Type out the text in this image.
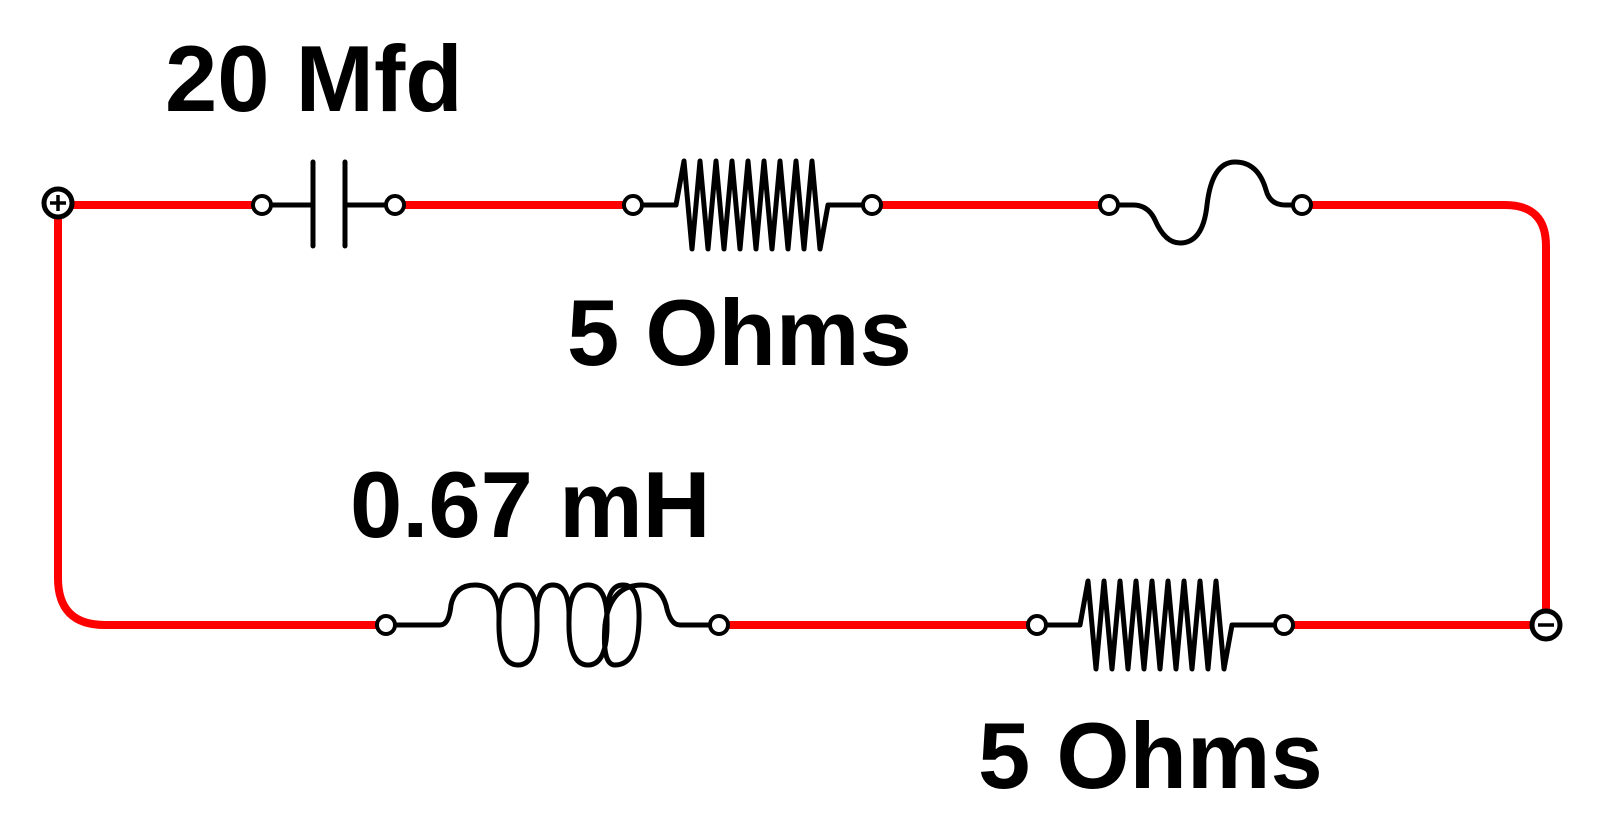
20 Mfd
5 Ohms
0.67 mH
5 Ohms
